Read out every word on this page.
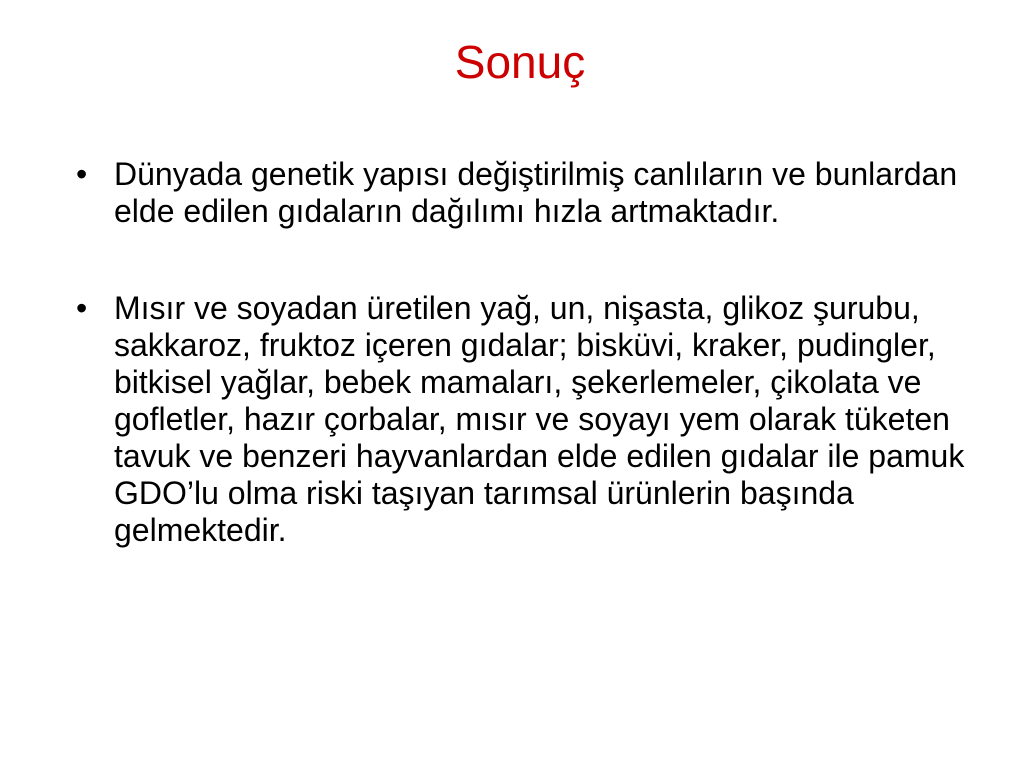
Sonuç
• Dünyada genetik yapısı değiştirilmiş canlıların ve bunlardan elde edilen gıdaların dağılımı hızla artmaktadır.
• Mısır ve soyadan üretilen yağ, un, nişasta, glikoz şurubu, sakkaroz, fruktoz içeren gıdalar; bisküvi, kraker, pudingler, bitkisel yağlar, bebek mamaları, şekerlemeler, çikolata ve gofletler, hazır çorbalar, mısır ve soyayı yem olarak tüketen tavuk ve benzeri hayvanlardan elde edilen gıdalar ile pamuk GDO’lu olma riski taşıyan tarımsal ürünlerin başında gelmektedir.
